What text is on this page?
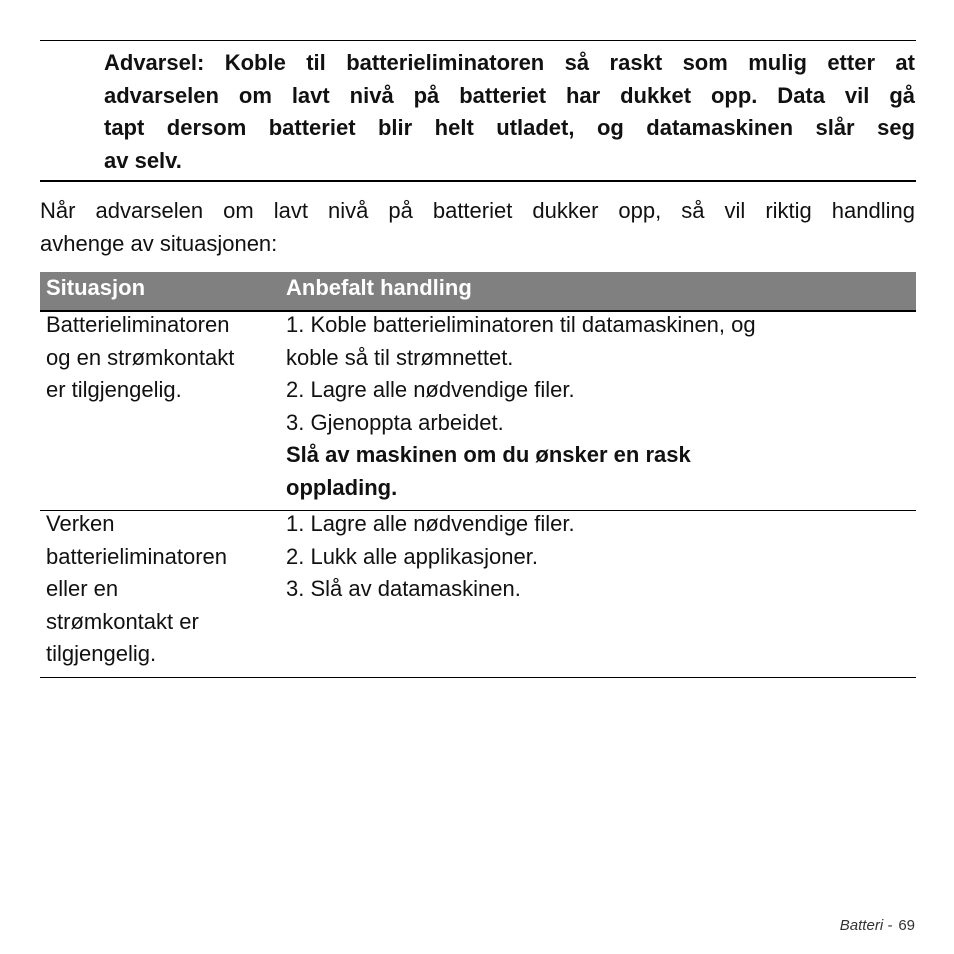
Advarsel: Koble til batterieliminatoren så raskt som mulig etter at
advarselen om lavt nivå på batteriet har dukket opp. Data vil gå
tapt dersom batteriet blir helt utladet, og datamaskinen slår seg
av selv.
Når advarselen om lavt nivå på batteriet dukker opp, så vil riktig handling
avhenge av situasjonen:
Situasjon	Anbefalt handling
Batterieliminatoren
og en strømkontakt
er tilgjengelig.
1. Koble batterieliminatoren til datamaskinen, og
koble så til strømnettet.
2. Lagre alle nødvendige filer.
3. Gjenoppta arbeidet.
Slå av maskinen om du ønsker en rask
opplading.
Verken
batterieliminatoren
eller en
strømkontakt er
tilgjengelig.
1. Lagre alle nødvendige filer.
2. Lukk alle applikasjoner.
3. Slå av datamaskinen.
Batteri - 69
